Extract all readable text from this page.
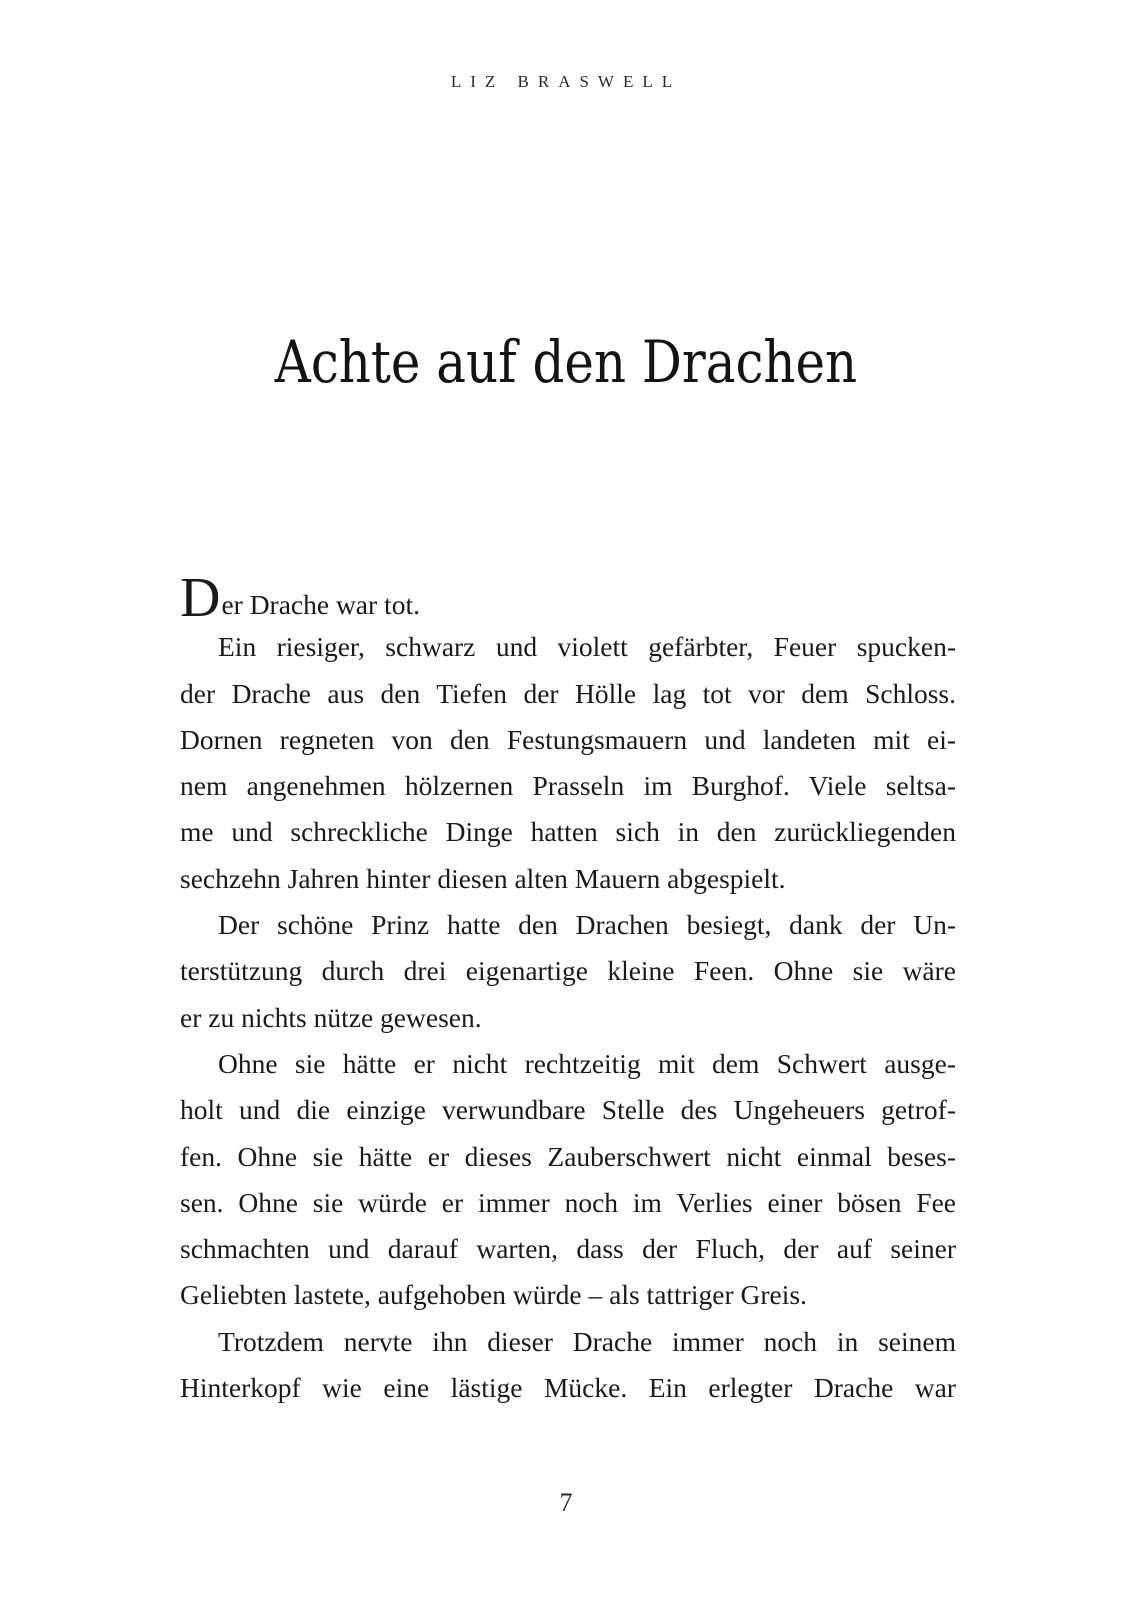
LIZ BRASWELL
Achte auf den Drachen
Der Drache war tot.
Ein riesiger, schwarz und violett gefärbter, Feuer spucken-
der Drache aus den Tiefen der Hölle lag tot vor dem Schloss.
Dornen regneten von den Festungsmauern und landeten mit ei-
nem angenehmen hölzernen Prasseln im Burghof. Viele seltsa-
me und schreckliche Dinge hatten sich in den zurückliegenden
sechzehn Jahren hinter diesen alten Mauern abgespielt.
Der schöne Prinz hatte den Drachen besiegt, dank der Un-
terstützung durch drei eigenartige kleine Feen. Ohne sie wäre
er zu nichts nütze gewesen.
Ohne sie hätte er nicht rechtzeitig mit dem Schwert ausge-
holt und die einzige verwundbare Stelle des Ungeheuers getrof-
fen. Ohne sie hätte er dieses Zauberschwert nicht einmal beses-
sen. Ohne sie würde er immer noch im Verlies einer bösen Fee
schmachten und darauf warten, dass der Fluch, der auf seiner
Geliebten lastete, aufgehoben würde – als tattriger Greis.
Trotzdem nervte ihn dieser Drache immer noch in seinem
Hinterkopf wie eine lästige Mücke. Ein erlegter Drache war
7
